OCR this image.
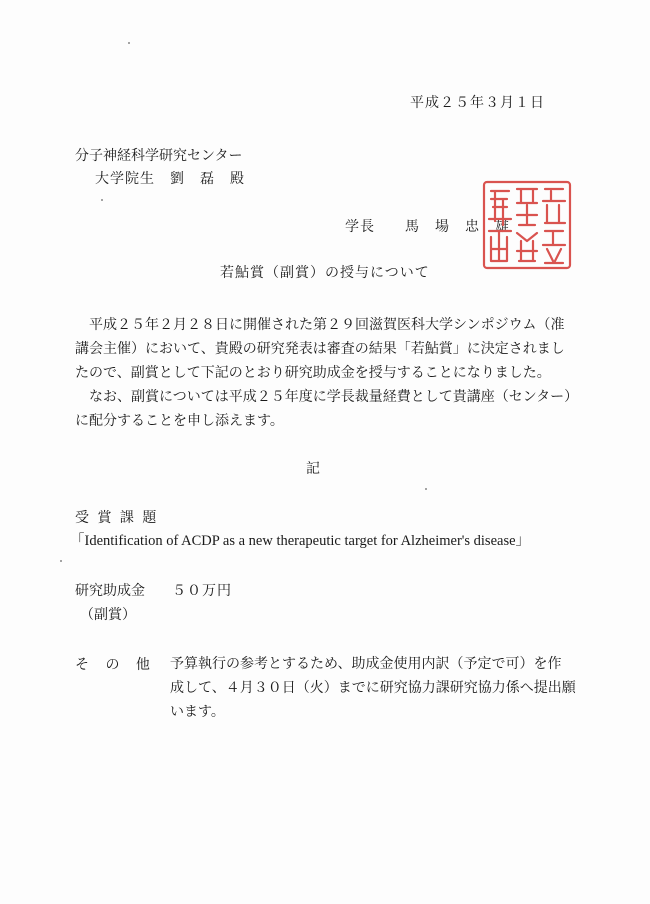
平成２５年３月１日
分子神経科学研究センター
大学院生　劉　磊　殿
学長　　馬　場　忠　雄
若鮎賞（副賞）の授与について
　平成２５年２月２８日に開催された第２９回滋賀医科大学シンポジウム（准
講会主催）において、貴殿の研究発表は審査の結果「若鮎賞」に決定されまし
たので、副賞として下記のとおり研究助成金を授与することになりました。
　なお、副賞については平成２５年度に学長裁量経費として貴講座（センター）
に配分することを申し添えます。
記
受 賞 課 題
「Identification of ACDP as a new therapeutic target for Alzheimer's disease」
研究助成金 ５０万円
（副賞）
そ の 他 予算執行の参考とするため、助成金使用内訳（予定で可）を作
成して、４月３０日（火）までに研究協力課研究協力係へ提出願
います。
